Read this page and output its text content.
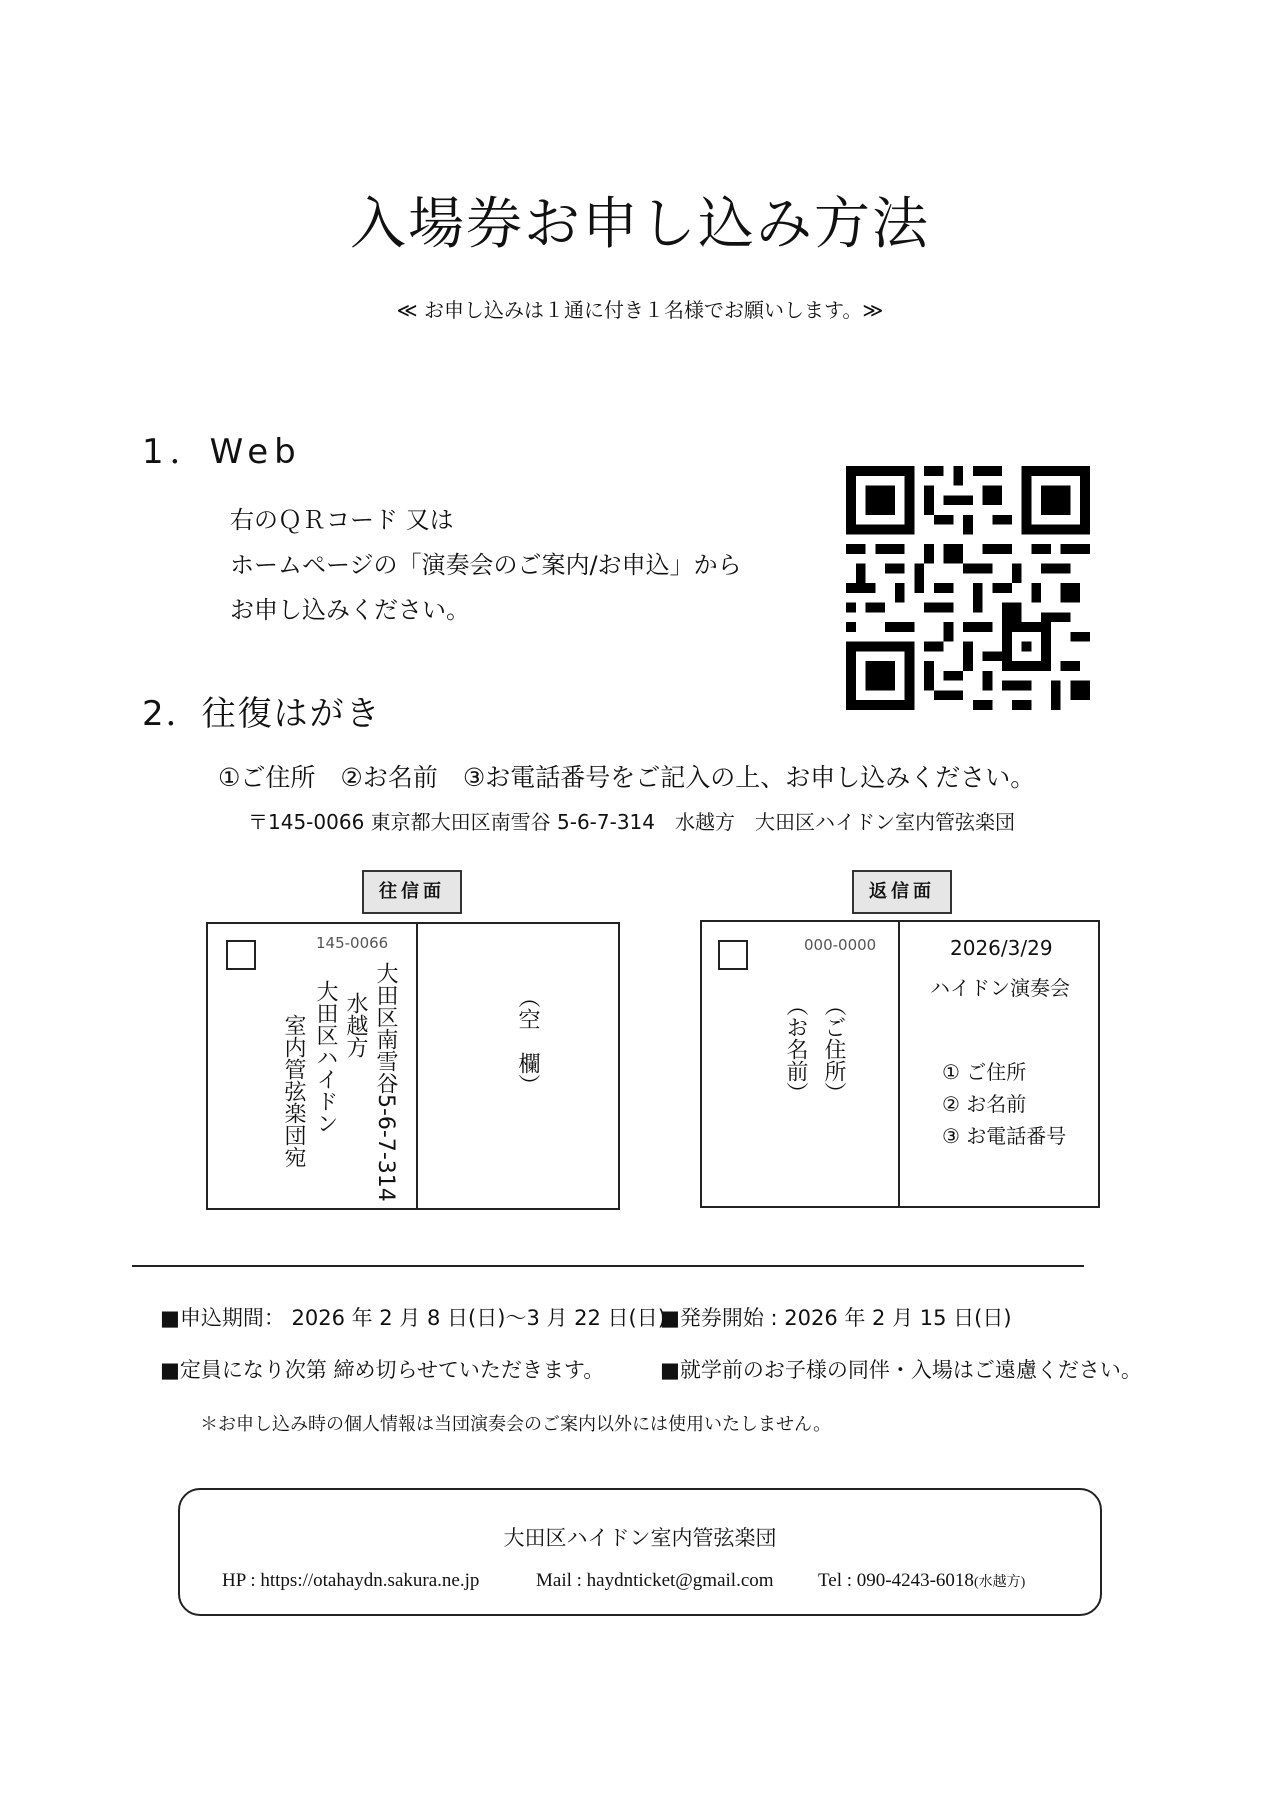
入場券お申し込み方法
≪ お申し込みは１通に付き１名様でお願いします。≫
1．Web
右のＱＲコード 又は
ホームページの「演奏会のご案内/お申込」から
お申し込みください。
2．往復はがき
①ご住所　②お名前　③お電話番号をご記入の上、お申し込みください。
〒145-0066 東京都大田区南雪谷 5-6-7-314　水越方　大田区ハイドン室内管弦楽団
往信面
145-0066
大田区南雪谷5-6-7-314
水越方
大田区ハイドン
室内管弦楽団宛	（空　欄）
返信面
000-0000
（ご住所）
（お名前）
2026/3/29
ハイドン演奏会
① ご住所
② お名前
③ お電話番号
■申込期間： 2026 年 2 月 8 日(日)〜3 月 22 日(日)
■発券開始 : 2026 年 2 月 15 日(日)
■定員になり次第 締め切らせていただきます。	■就学前のお子様の同伴・入場はご遠慮ください。
＊お申し込み時の個人情報は当団演奏会のご案内以外には使用いたしません。
大田区ハイドン室内管弦楽団
HP : https://otahaydn.sakura.ne.jp	Mail : haydnticket@gmail.com Tel : 090-4243-6018(水越方)
